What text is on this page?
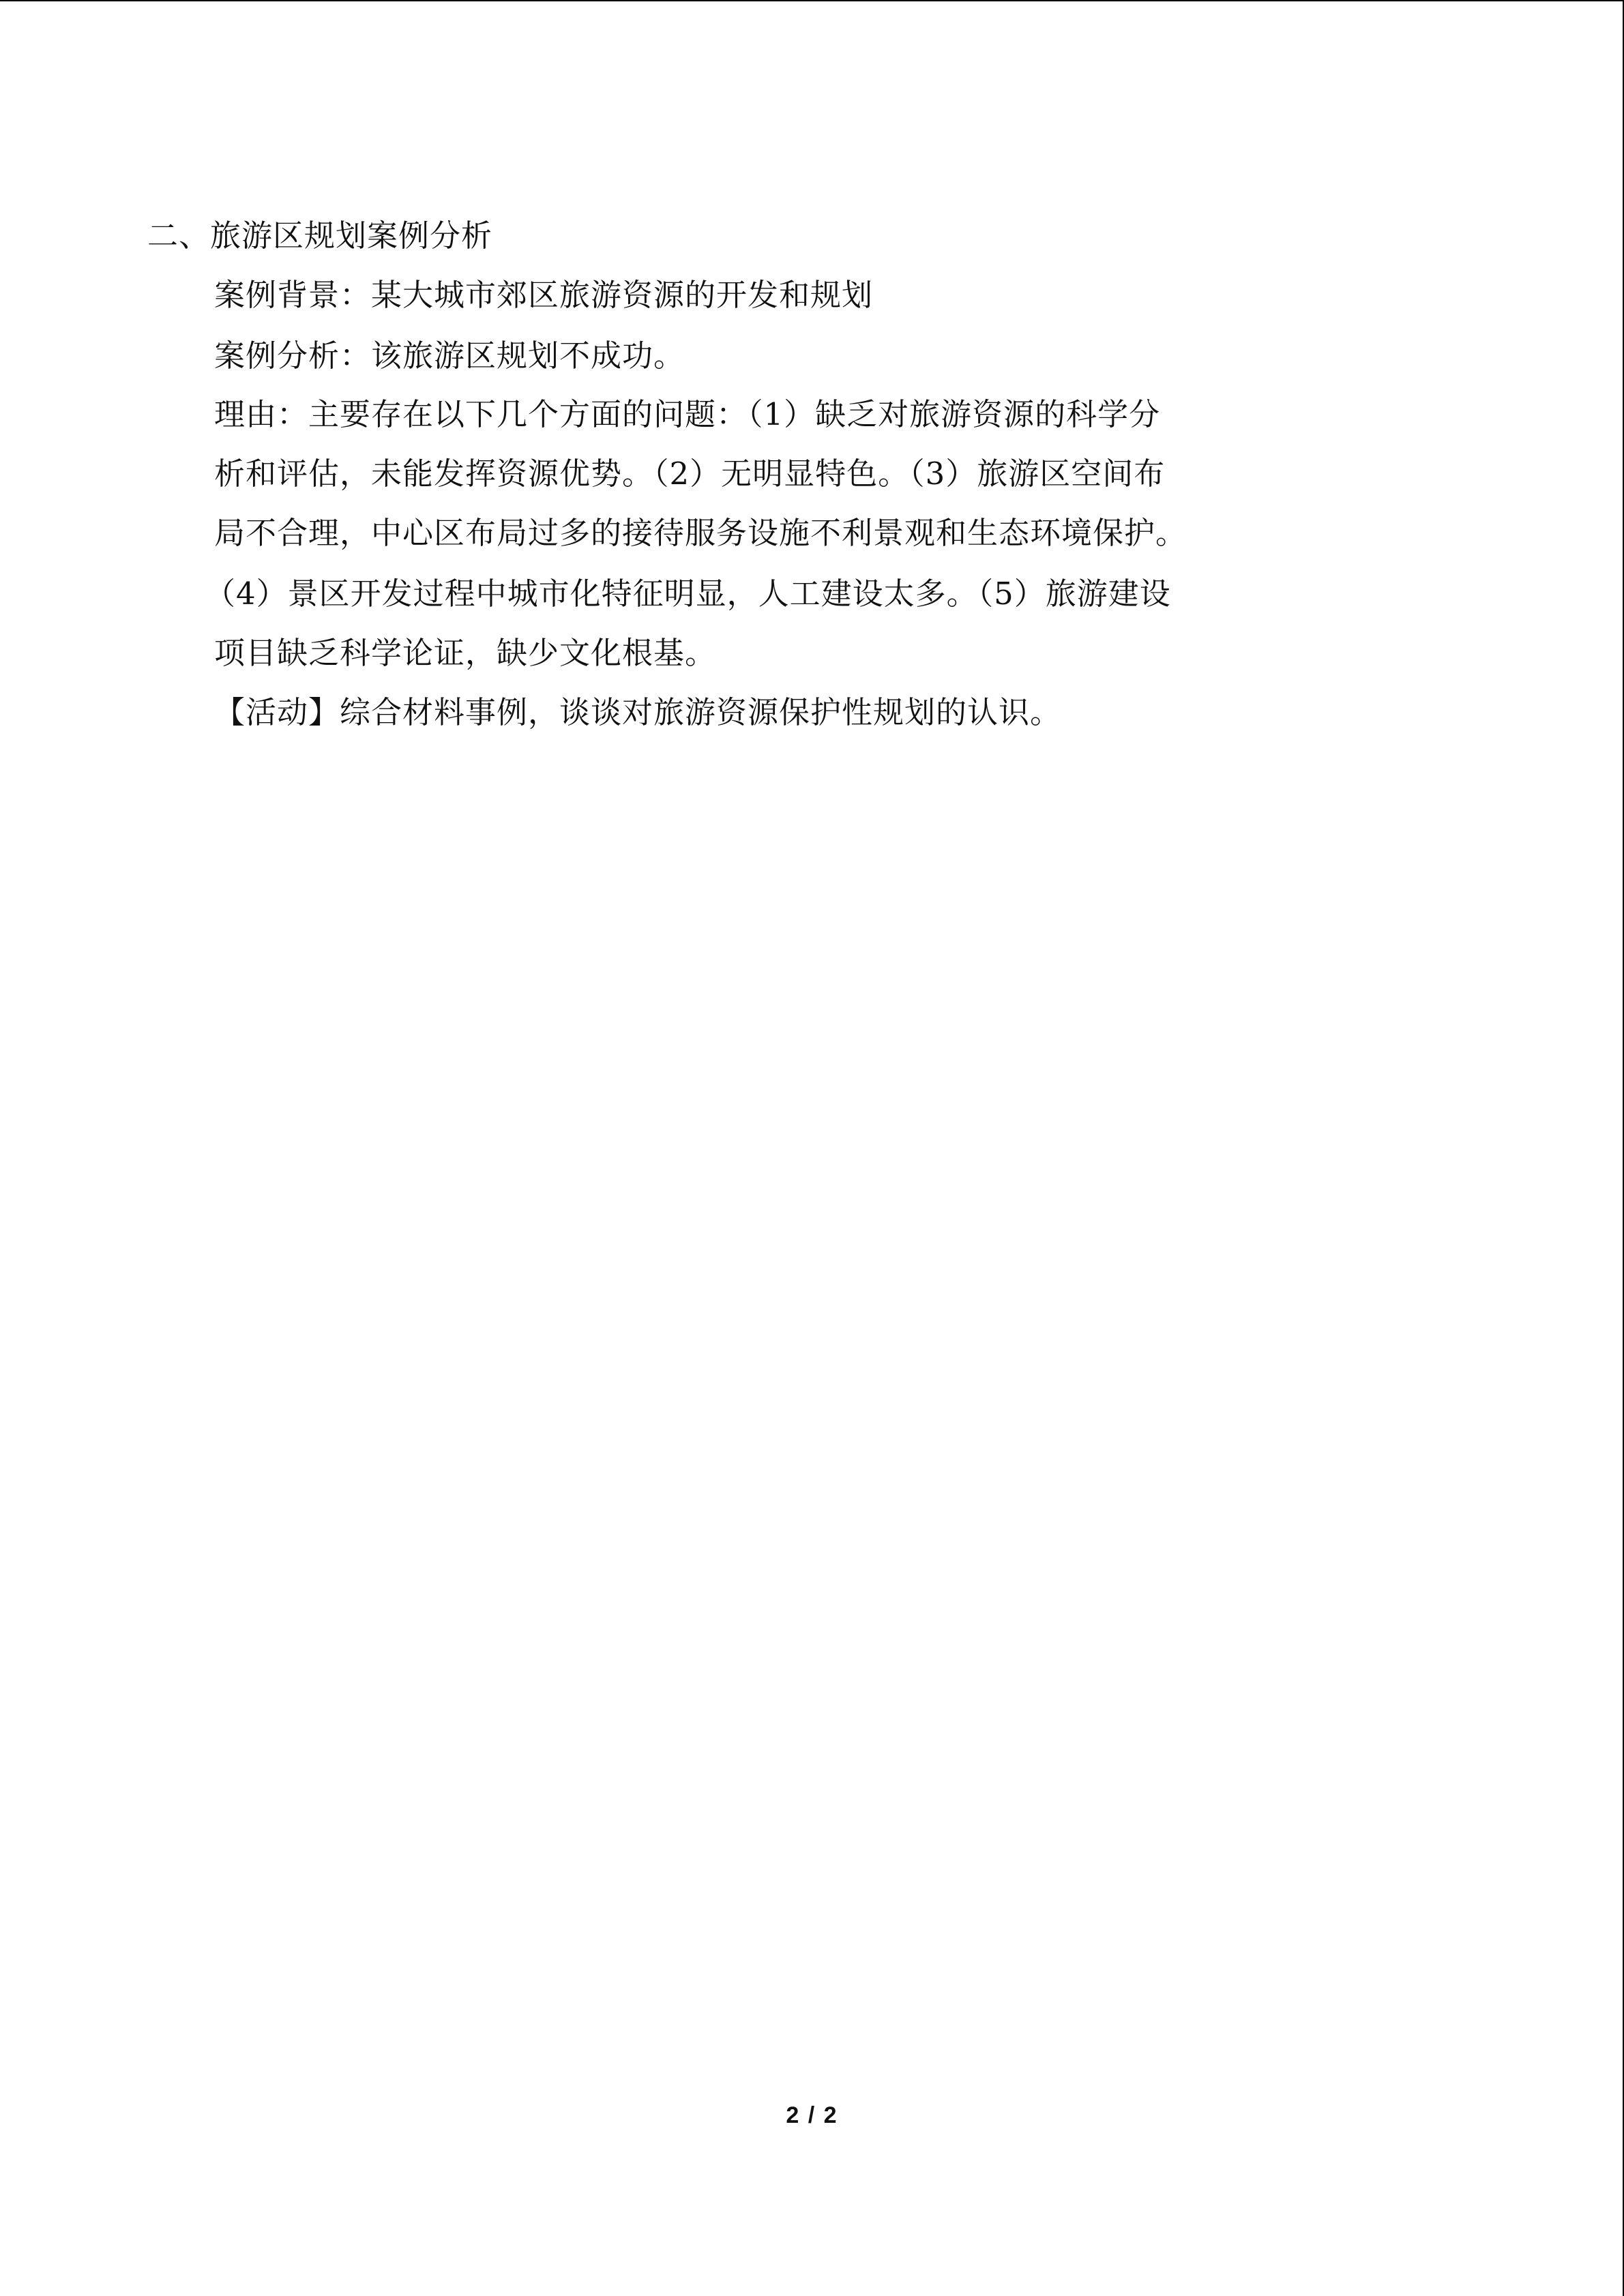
二、旅游区规划案例分析
案例背景：某大城市郊区旅游资源的开发和规划
案例分析：该旅游区规划不成功。
理由：主要存在以下几个方面的问题：（1）缺乏对旅游资源的科学分
析和评估，未能发挥资源优势。（2）无明显特色。（3）旅游区空间布
局不合理，中心区布局过多的接待服务设施不利景观和生态环境保护。
（4）景区开发过程中城市化特征明显，人工建设太多。（5）旅游建设
项目缺乏科学论证，缺少文化根基。
【活动】综合材料事例，谈谈对旅游资源保护性规划的认识。
2 / 2
